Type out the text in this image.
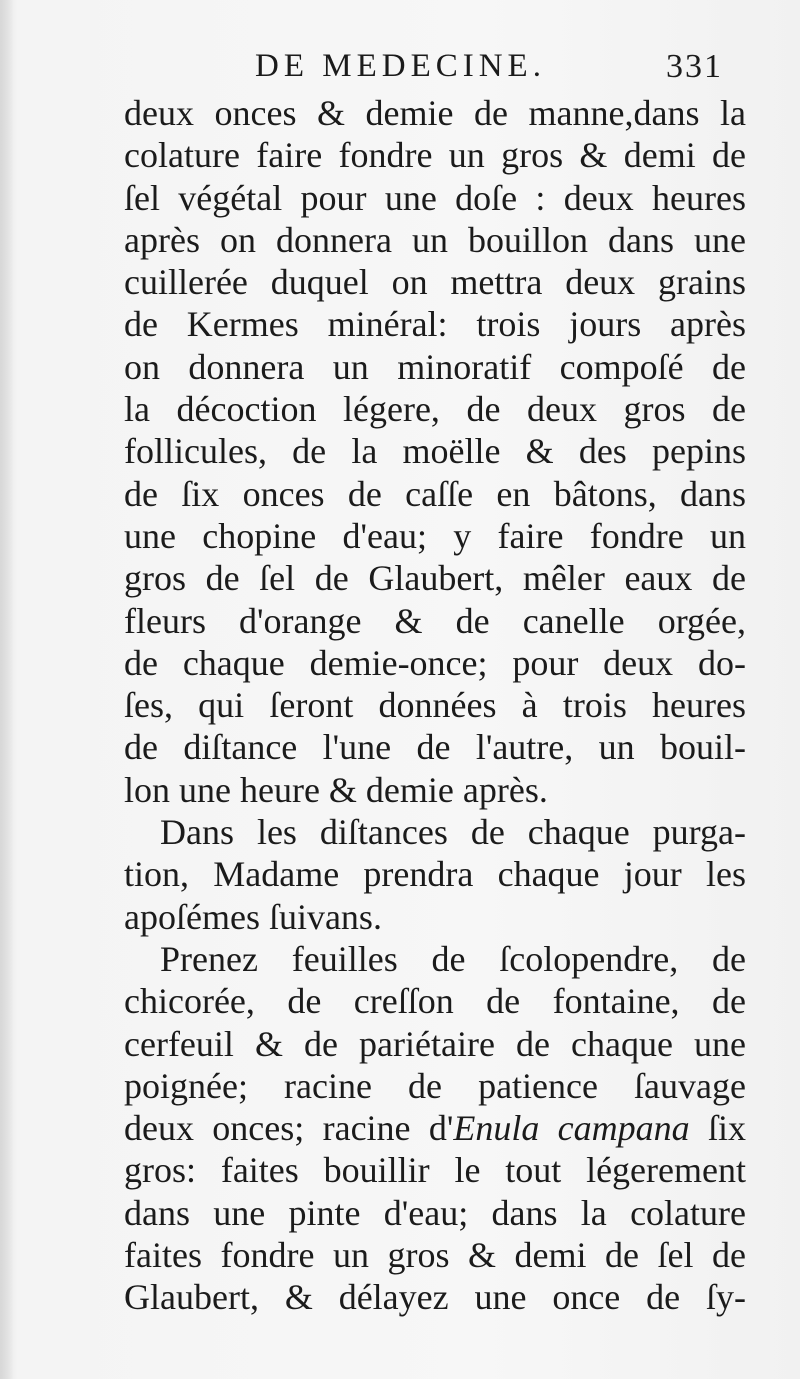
DE MEDECINE.	331
deux onces & demie de manne,dans la
colature faire fondre un gros & demi de
ſel végétal pour une doſe : deux heures
après on donnera un bouillon dans une
cuillerée duquel on mettra deux grains
de Kermes minéral: trois jours après
on donnera un minoratif compoſé de
la décoction légere, de deux gros de
follicules, de la moëlle & des pepins
de ſix onces de caſſe en bâtons, dans
une chopine d'eau; y faire fondre un
gros de ſel de Glaubert, mêler eaux de
fleurs d'orange & de canelle orgée,
de chaque demie-once; pour deux do-
ſes, qui ſeront données à trois heures
de diſtance l'une de l'autre, un bouil-
lon une heure & demie après.
Dans les diſtances de chaque purga-
tion, Madame prendra chaque jour les
apoſémes ſuivans.
Prenez feuilles de ſcolopendre, de
chicorée, de creſſon de fontaine, de
cerfeuil & de pariétaire de chaque une
poignée; racine de patience ſauvage
deux onces; racine d'Enula campana ſix
gros: faites bouillir le tout légerement
dans une pinte d'eau; dans la colature
faites fondre un gros & demi de ſel de
Glaubert, & délayez une once de ſy-
